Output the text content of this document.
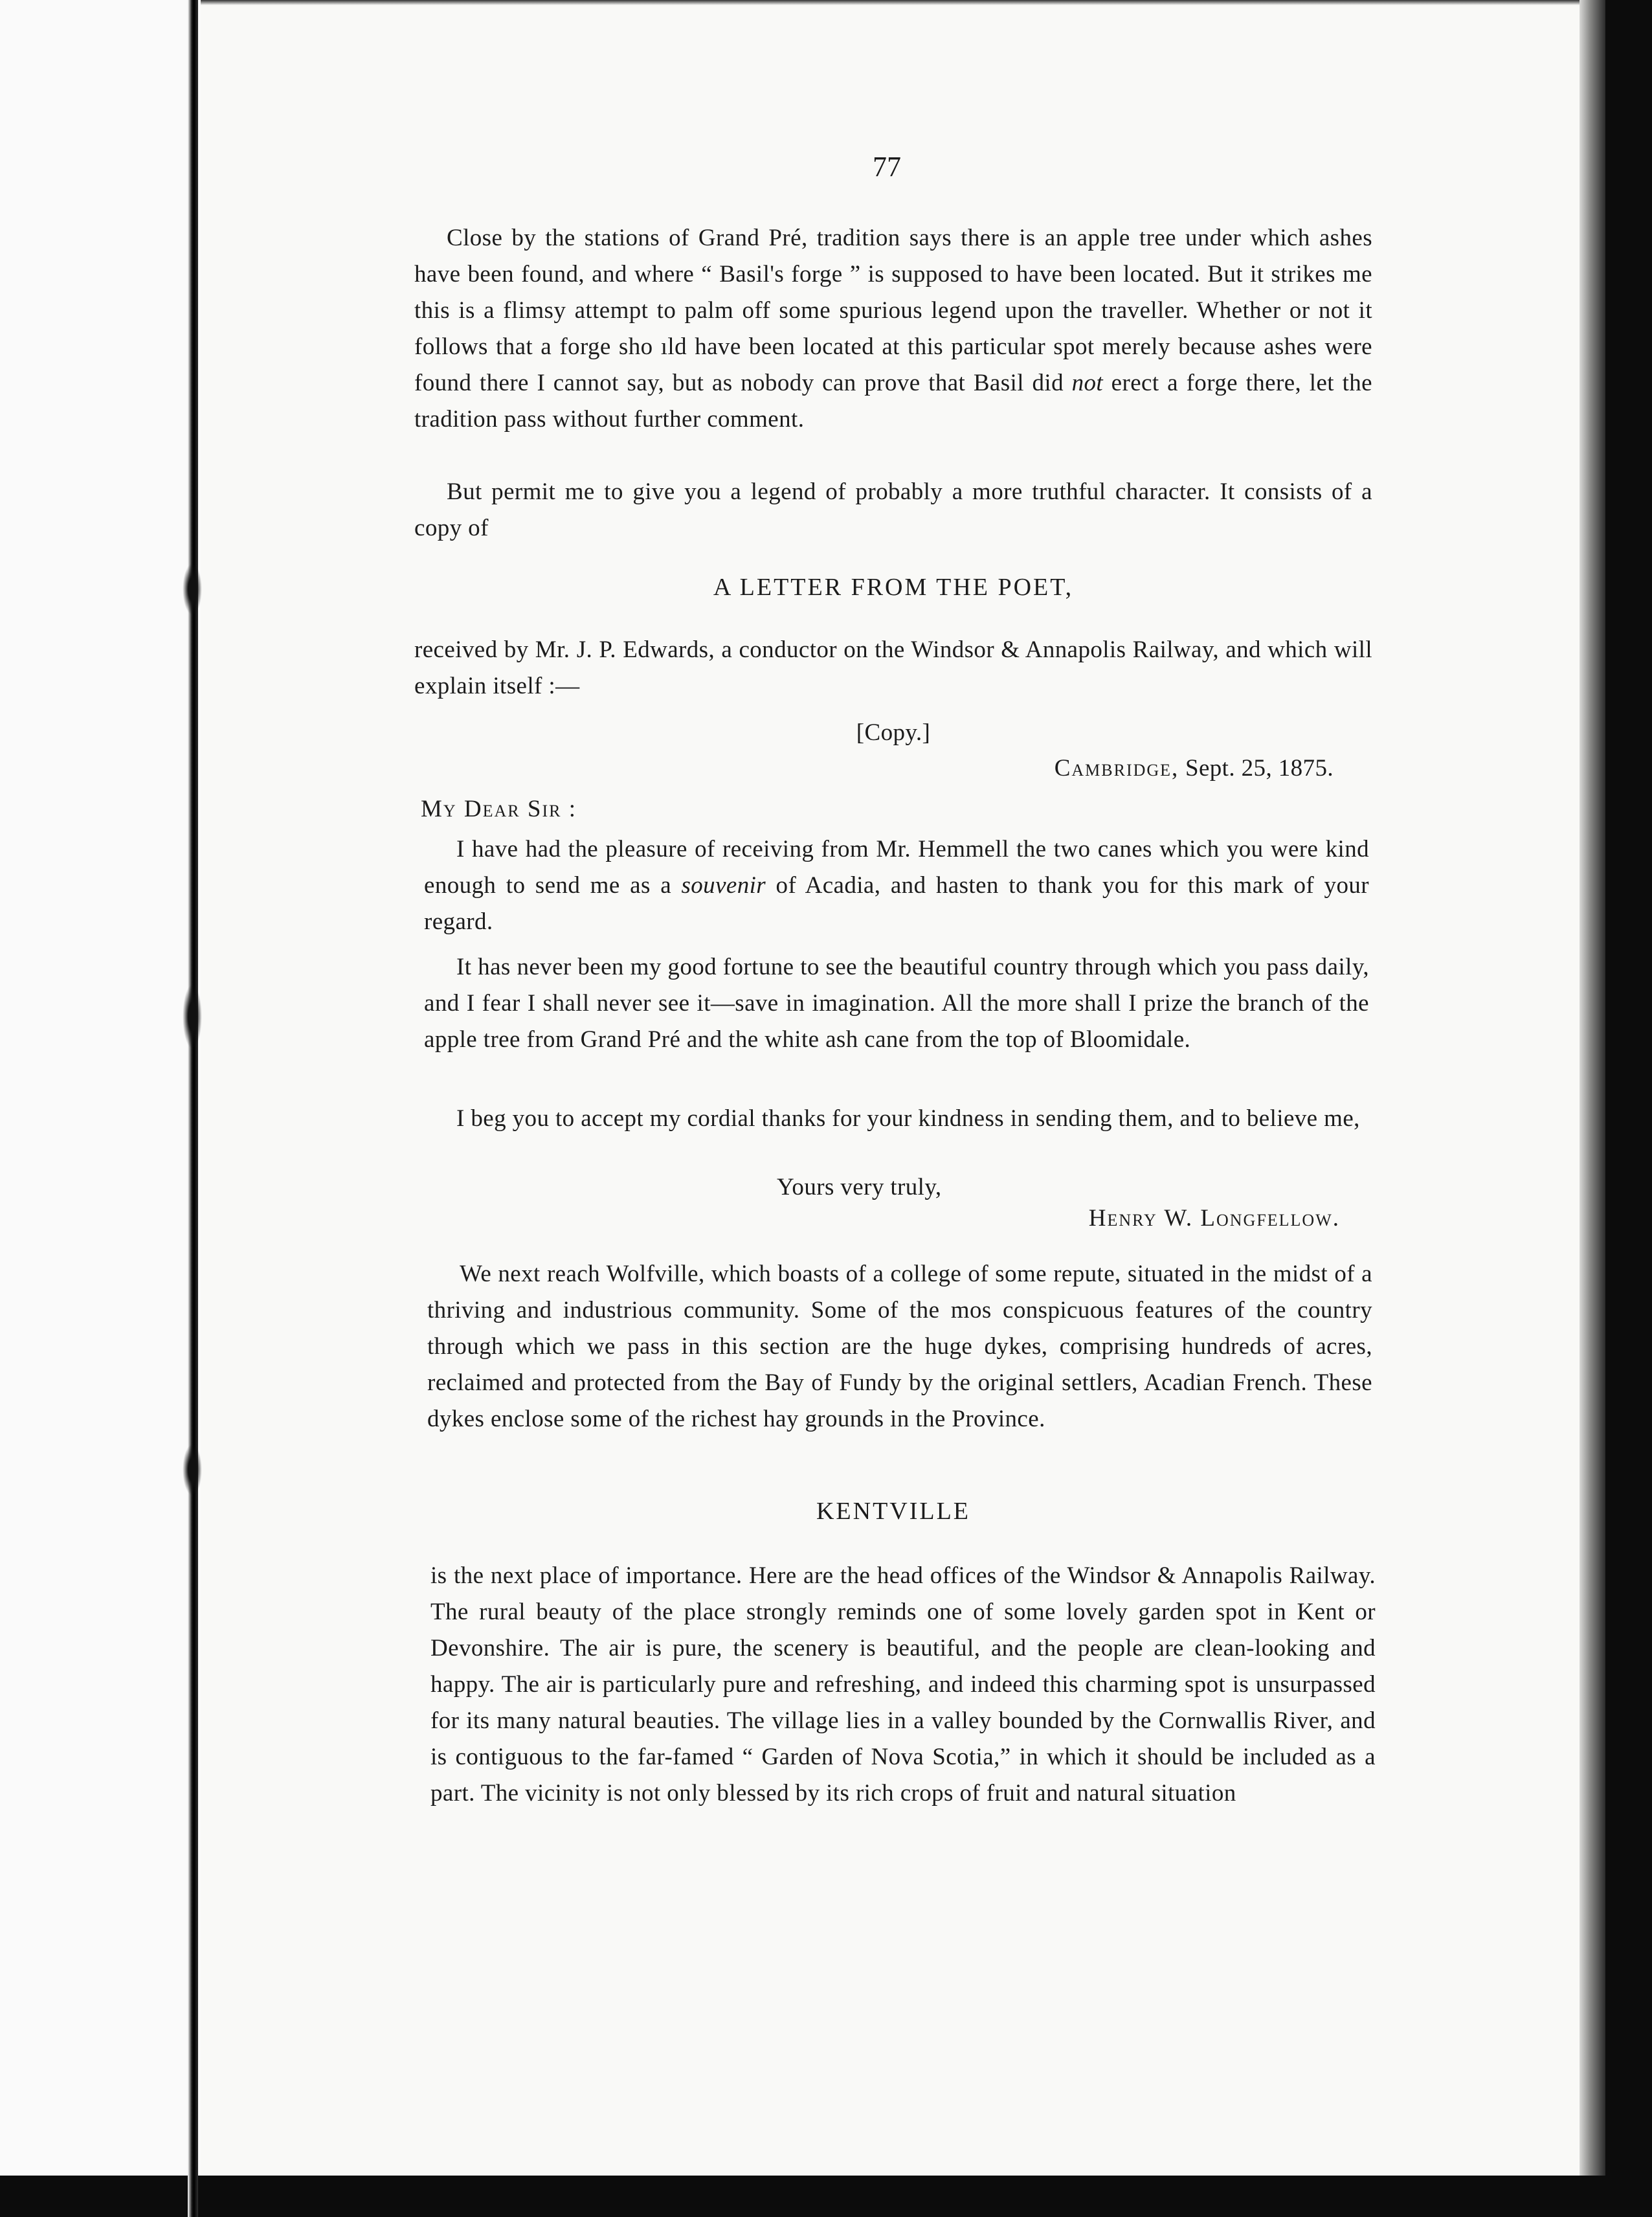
77

Close by the stations of Grand Pré, tradition says there is an apple tree under which ashes have been found, and where “ Basil's forge ” is supposed to have been located. But it strikes me this is a flimsy attempt to palm off some spurious legend upon the traveller. Whether or not it follows that a forge sho ıld have been located at this particular spot merely because ashes were found there I cannot say, but as nobody can prove that Basil did not erect a forge there, let the tradition pass without further comment.

But permit me to give you a legend of probably a more truthful character. It consists of a copy of

A LETTER FROM THE POET,

received by Mr. J. P. Edwards, a conductor on the Windsor & Annapolis Railway, and which will explain itself :—

[Copy.]
Cambridge, Sept. 25, 1875.
My Dear Sir :

I have had the pleasure of receiving from Mr. Hemmell the two canes which you were kind enough to send me as a souvenir of Acadia, and hasten to thank you for this mark of your regard.

It has never been my good fortune to see the beautiful country through which you pass daily, and I fear I shall never see it—save in imagination. All the more shall I prize the branch of the apple tree from Grand Pré and the white ash cane from the top of Bloomidale.

I beg you to accept my cordial thanks for your kindness in sending them, and to believe me,

Yours very truly,
Henry W. Longfellow.

We next reach Wolfville, which boasts of a college of some repute, situated in the midst of a thriving and industrious community. Some of the mos conspicuous features of the country through which we pass in this section are the huge dykes, comprising hundreds of acres, reclaimed and protected from the Bay of Fundy by the original settlers, Acadian French. These dykes enclose some of the richest hay grounds in the Province.

KENTVILLE

is the next place of importance. Here are the head offices of the Windsor & Annapolis Railway. The rural beauty of the place strongly reminds one of some lovely garden spot in Kent or Devonshire. The air is pure, the scenery is beautiful, and the people are clean-looking and happy. The air is particularly pure and refreshing, and indeed this charming spot is unsurpassed for its many natural beauties. The village lies in a valley bounded by the Cornwallis River, and is contiguous to the far-famed “ Garden of Nova Scotia,” in which it should be included as a part. The vicinity is not only blessed by its rich crops of fruit and natural situation
